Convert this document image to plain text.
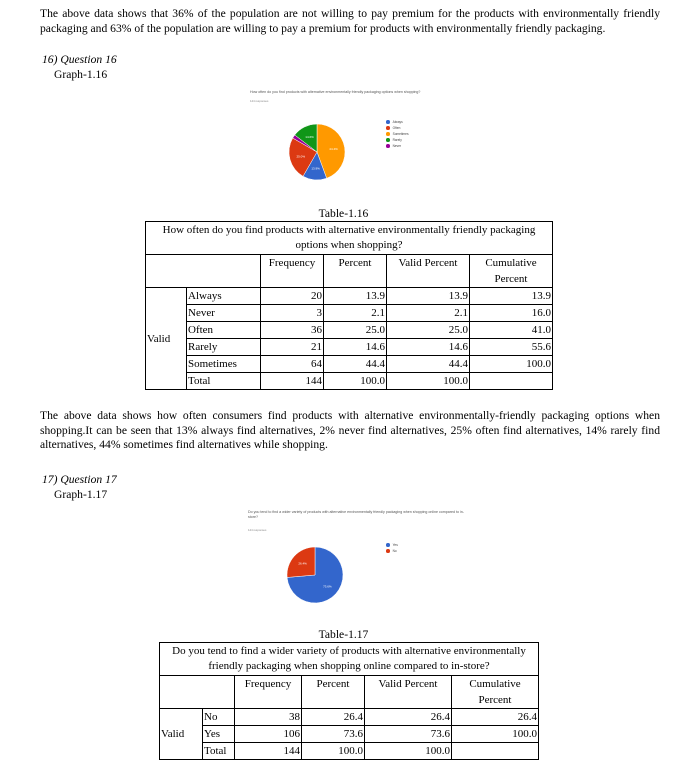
The above data shows that 36% of the population are not willing to pay premium for the products with environmentally friendly packaging and 63% of the population are willing to pay a premium for products with environmentally friendly packaging.
16) Question 16
Graph-1.16
How often do you find products with alternative environmentally friendly packaging options when shopping?
144 responses
44.4%
13.9%
25.0%
14.6%
Always
Often
Sometimes
Rarely
Never
Table-1.16
How often do you find products with alternative environmentally friendly packaging options when shopping?					
		Frequency	Percent	Valid Percent	Cumulative Percent
Valid	Always	20	13.9	13.9	13.9
	Never	3	2.1	2.1	16.0
	Often	36	25.0	25.0	41.0
	Rarely	21	14.6	14.6	55.6
	Sometimes	64	44.4	44.4	100.0
	Total	144	100.0	100.0	
The above data shows how often consumers find products with alternative environmentally-friendly packaging options when shopping.It can be seen that 13% always find alternatives, 2% never find alternatives, 25% often find alternatives, 14% rarely find alternatives, 44% sometimes find alternatives while shopping.
17) Question 17
Graph-1.17
Do you tend to find a wider variety of products with alternative environmentally friendly packaging when shopping online compared to in-store?
144 responses
73.6%
26.4%
Yes
No
Table-1.17
Do you tend to find a wider variety of products with alternative environmentally friendly packaging when shopping online compared to in-store?					
		Frequency	Percent	Valid Percent	Cumulative Percent
Valid	No	38	26.4	26.4	26.4
	Yes	106	73.6	73.6	100.0
	Total	144	100.0	100.0	
